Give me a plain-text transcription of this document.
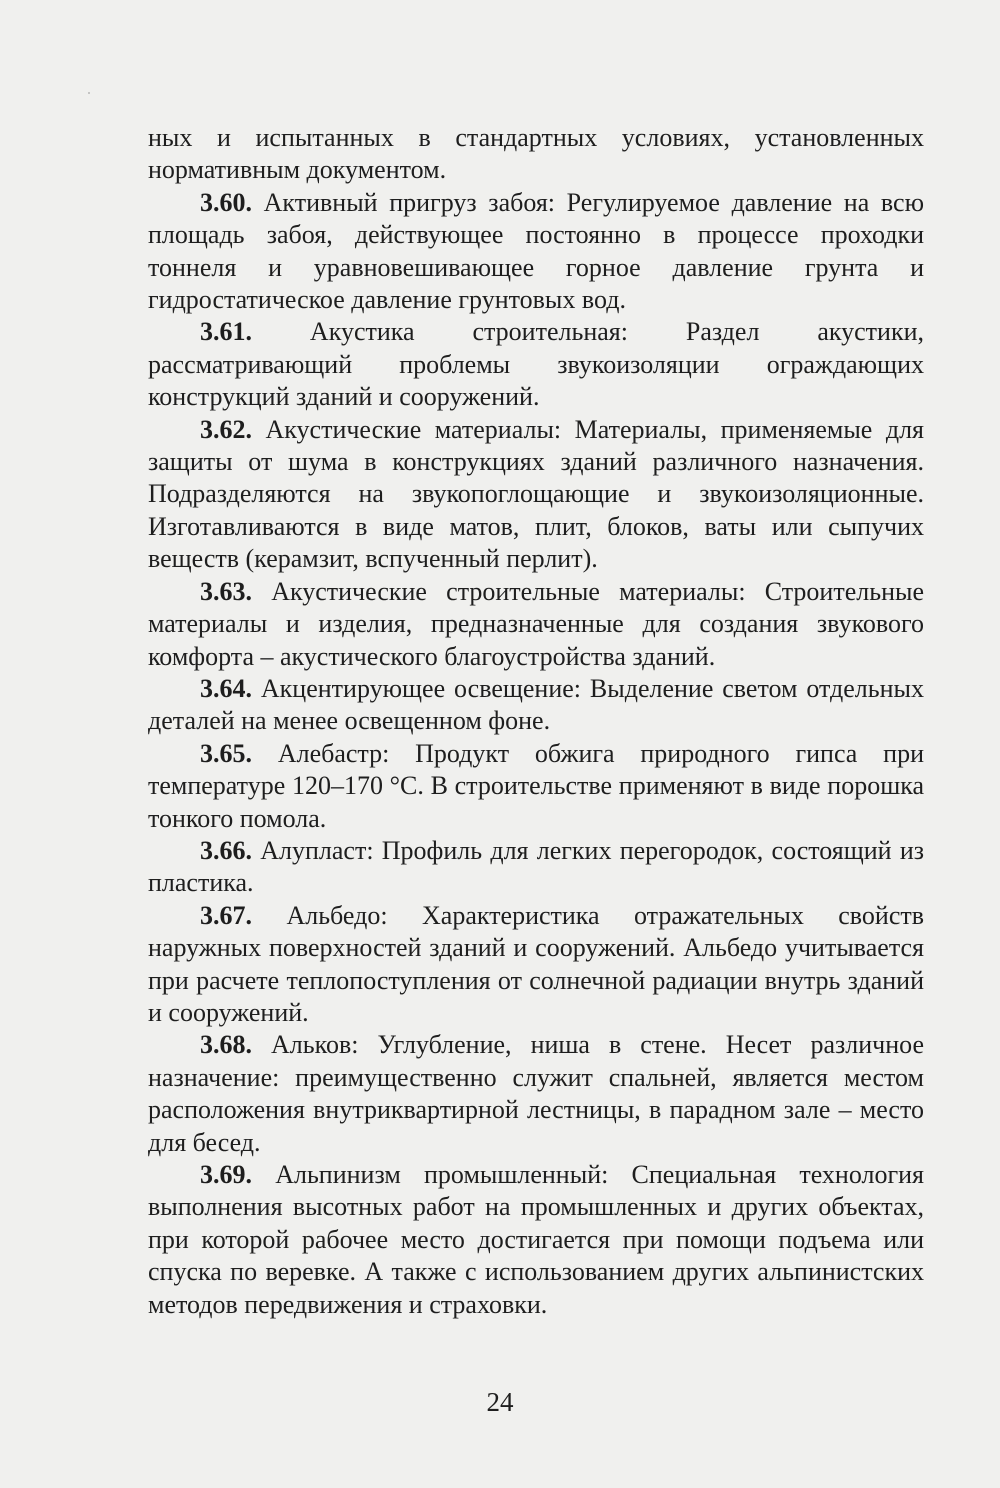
ных и испытанных в стандартных условиях, установленных нормативным документом.

3.60. Активный пригруз забоя: Регулируемое давление на всю площадь забоя, действующее постоянно в процессе проходки тоннеля и уравновешивающее горное давление грунта и гидростатическое давление грунтовых вод.

3.61. Акустика строительная: Раздел акустики, рассматривающий проблемы звукоизоляции ограждающих конструкций зданий и сооружений.

3.62. Акустические материалы: Материалы, применяемые для защиты от шума в конструкциях зданий различного назначения. Подразделяются на звукопоглощающие и звукоизоляционные. Изготавливаются в виде матов, плит, блоков, ваты или сыпучих веществ (керамзит, вспученный перлит).

3.63. Акустические строительные материалы: Строительные материалы и изделия, предназначенные для создания звукового комфорта – акустического благоустройства зданий.

3.64. Акцентирующее освещение: Выделение светом отдельных деталей на менее освещенном фоне.

3.65. Алебастр: Продукт обжига природного гипса при температуре 120–170 °С. В строительстве применяют в виде порошка тонкого помола.

3.66. Алупласт: Профиль для легких перегородок, состоящий из пластика.

3.67. Альбедо: Характеристика отражательных свойств наружных поверхностей зданий и сооружений. Альбедо учитывается при расчете теплопоступления от солнечной радиации внутрь зданий и сооружений.

3.68. Альков: Углубление, ниша в стене. Несет различное назначение: преимущественно служит спальней, является местом расположения внутриквартирной лестницы, в парадном зале – место для бесед.

3.69. Альпинизм промышленный: Специальная технология выполнения высотных работ на промышленных и других объектах, при которой рабочее место достигается при помощи подъема или спуска по веревке. А также с использованием других альпинистских методов передвижения и страховки.

24
